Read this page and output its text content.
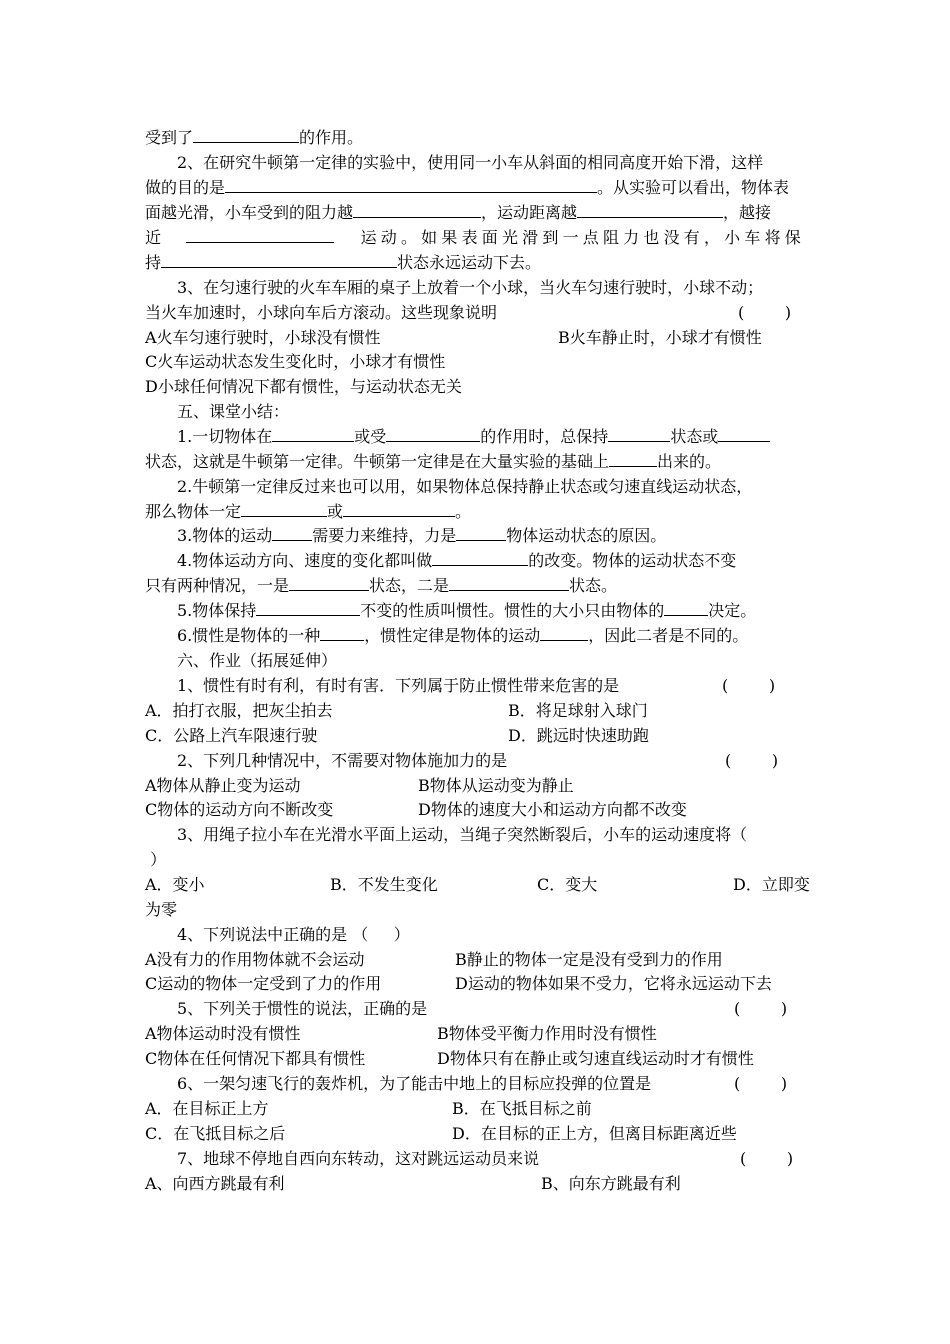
受到了	的作用。
2、在研究牛顿第一定律的实验中，使用同一小车从斜面的相同高度开始下滑，这样
做的目的是	。从实验可以看出，物体表
面越光滑，小车受到的阻力越	，运动距离越	，越接
近	运动。如果表面光滑到一点阻力也没有，小车将保
持	状态永远运动下去。
3、在匀速行驶的火车车厢的桌子上放着一个小球，当火车匀速行驶时，小球不动；
当火车加速时，小球向车后方滚动。这些现象说明	(        )
A火车匀速行驶时，小球没有惯性	B火车静止时，小球才有惯性
C火车运动状态发生变化时，小球才有惯性
D小球任何情况下都有惯性，与运动状态无关
五、课堂小结：
1.一切物体在	或受	的作用时，总保持	状态或
状态，这就是牛顿第一定律。牛顿第一定律是在大量实验的基础上	出来的。
2.牛顿第一定律反过来也可以用，如果物体总保持静止状态或匀速直线运动状态，
那么物体一定	或	。
3.物体的运动	需要力来维持，力是	物体运动状态的原因。
4.物体运动方向、速度的变化都叫做	的改变。物体的运动状态不变
只有两种情况，一是	状态，二是	状态。
5.物体保持	不变的性质叫惯性。惯性的大小只由物体的	决定。
6.惯性是物体的一种	，惯性定律是物体的运动	，因此二者是不同的。
六、作业（拓展延伸）
1、惯性有时有利，有时有害．下列属于防止惯性带来危害的是	(        )
A．拍打衣服，把灰尘拍去	B．将足球射入球门
C．公路上汽车限速行驶	D．跳远时快速助跑
2、下列几种情况中，不需要对物体施加力的是	(        )
A物体从静止变为运动	B物体从运动变为静止
C物体的运动方向不断改变	D物体的速度大小和运动方向都不改变
3、用绳子拉小车在光滑水平面上运动，当绳子突然断裂后，小车的运动速度将（
）
A．变小	B．不发生变化	C．变大	D．立即变
为零
4、下列说法中正确的是 （     ）
A没有力的作用物体就不会运动	B静止的物体一定是没有受到力的作用
C运动的物体一定受到了力的作用	D运动的物体如果不受力，它将永远运动下去
5、下列关于惯性的说法，正确的是	(        )
A物体运动时没有惯性	B物体受平衡力作用时没有惯性
C物体在任何情况下都具有惯性	D物体只有在静止或匀速直线运动时才有惯性
6、一架匀速飞行的轰炸机，为了能击中地上的目标应投弹的位置是	(        )
A．在目标正上方	B．在飞抵目标之前
C．在飞抵目标之后	D．在目标的正上方，但离目标距离近些
7、地球不停地自西向东转动，这对跳远运动员来说	(        )
A、向西方跳最有利	B、向东方跳最有利
